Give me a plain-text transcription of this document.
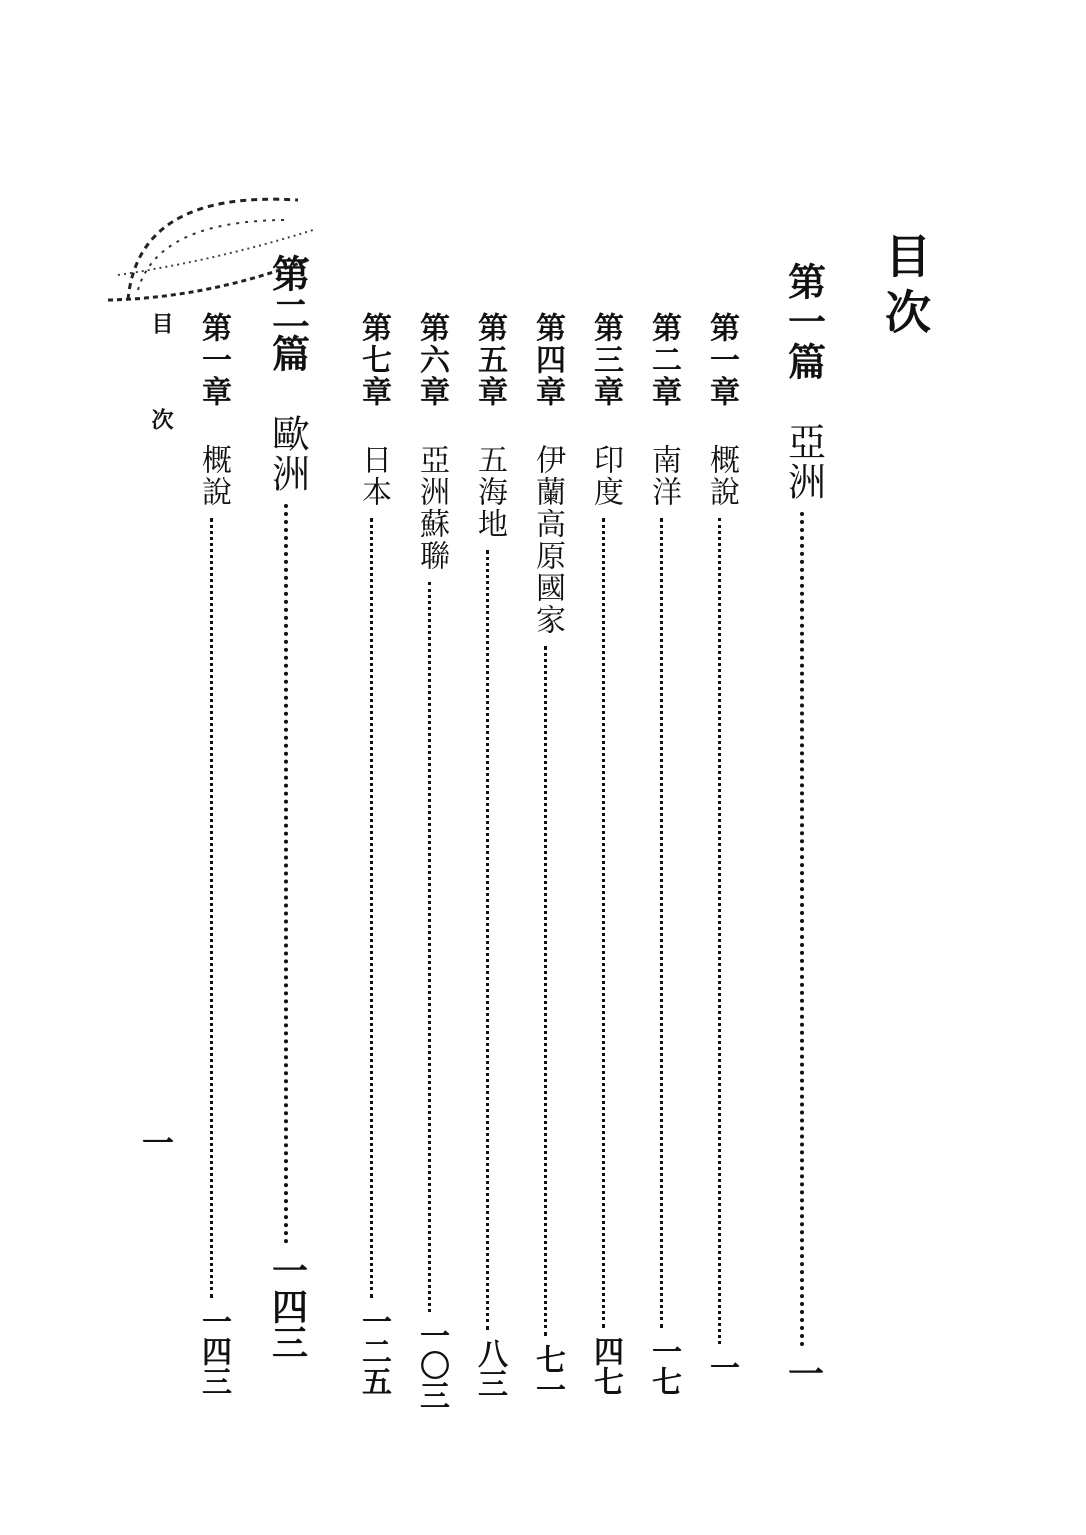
目次
第一篇
亞洲
一
第一章
概說
一
第二章
南洋
一七
第三章
印度
四七
第四章
伊蘭高原國家
七一
第五章
五海地
八三
第六章
亞洲蘇聯
一〇三
第七章
日本
一二五
第二篇
歐洲
一四三
第一章
概說
一四三
目 次
一
